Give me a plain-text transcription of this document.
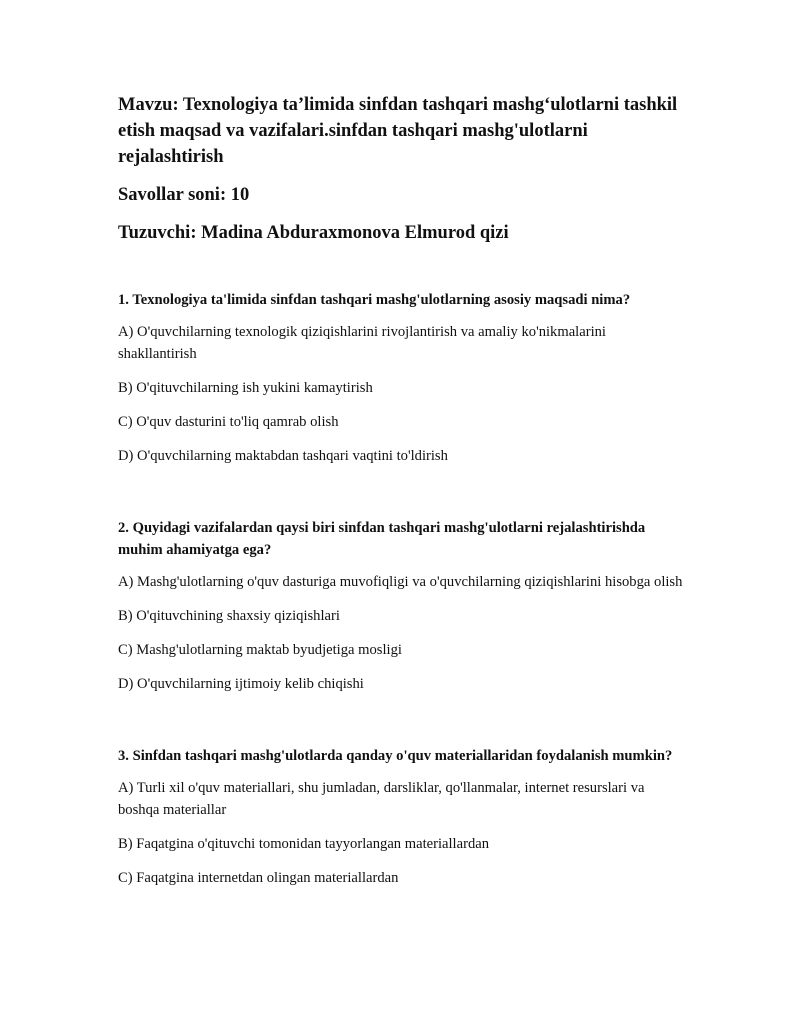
Mavzu: Texnologiya ta’limida sinfdan tashqari mashg‘ulotlarni tashkil etish maqsad va vazifalari.sinfdan tashqari mashg'ulotlarni rejalashtirish
Savollar soni: 10
Tuzuvchi: Madina Abduraxmonova Elmurod qizi
1. Texnologiya ta'limida sinfdan tashqari mashg'ulotlarning asosiy maqsadi nima?
A) O'quvchilarning texnologik qiziqishlarini rivojlantirish va amaliy ko'nikmalarini shakllantirish
B) O'qituvchilarning ish yukini kamaytirish
C) O'quv dasturini to'liq qamrab olish
D) O'quvchilarning maktabdan tashqari vaqtini to'ldirish
2. Quyidagi vazifalardan qaysi biri sinfdan tashqari mashg'ulotlarni rejalashtirishda muhim ahamiyatga ega?
A) Mashg'ulotlarning o'quv dasturiga muvofiqligi va o'quvchilarning qiziqishlarini hisobga olish
B) O'qituvchining shaxsiy qiziqishlari
C) Mashg'ulotlarning maktab byudjetiga mosligi
D) O'quvchilarning ijtimoiy kelib chiqishi
3. Sinfdan tashqari mashg'ulotlarda qanday o'quv materiallaridan foydalanish mumkin?
A) Turli xil o'quv materiallari, shu jumladan, darsliklar, qo'llanmalar, internet resurslari va boshqa materiallar
B) Faqatgina o'qituvchi tomonidan tayyorlangan materiallardan
C) Faqatgina internetdan olingan materiallardan
